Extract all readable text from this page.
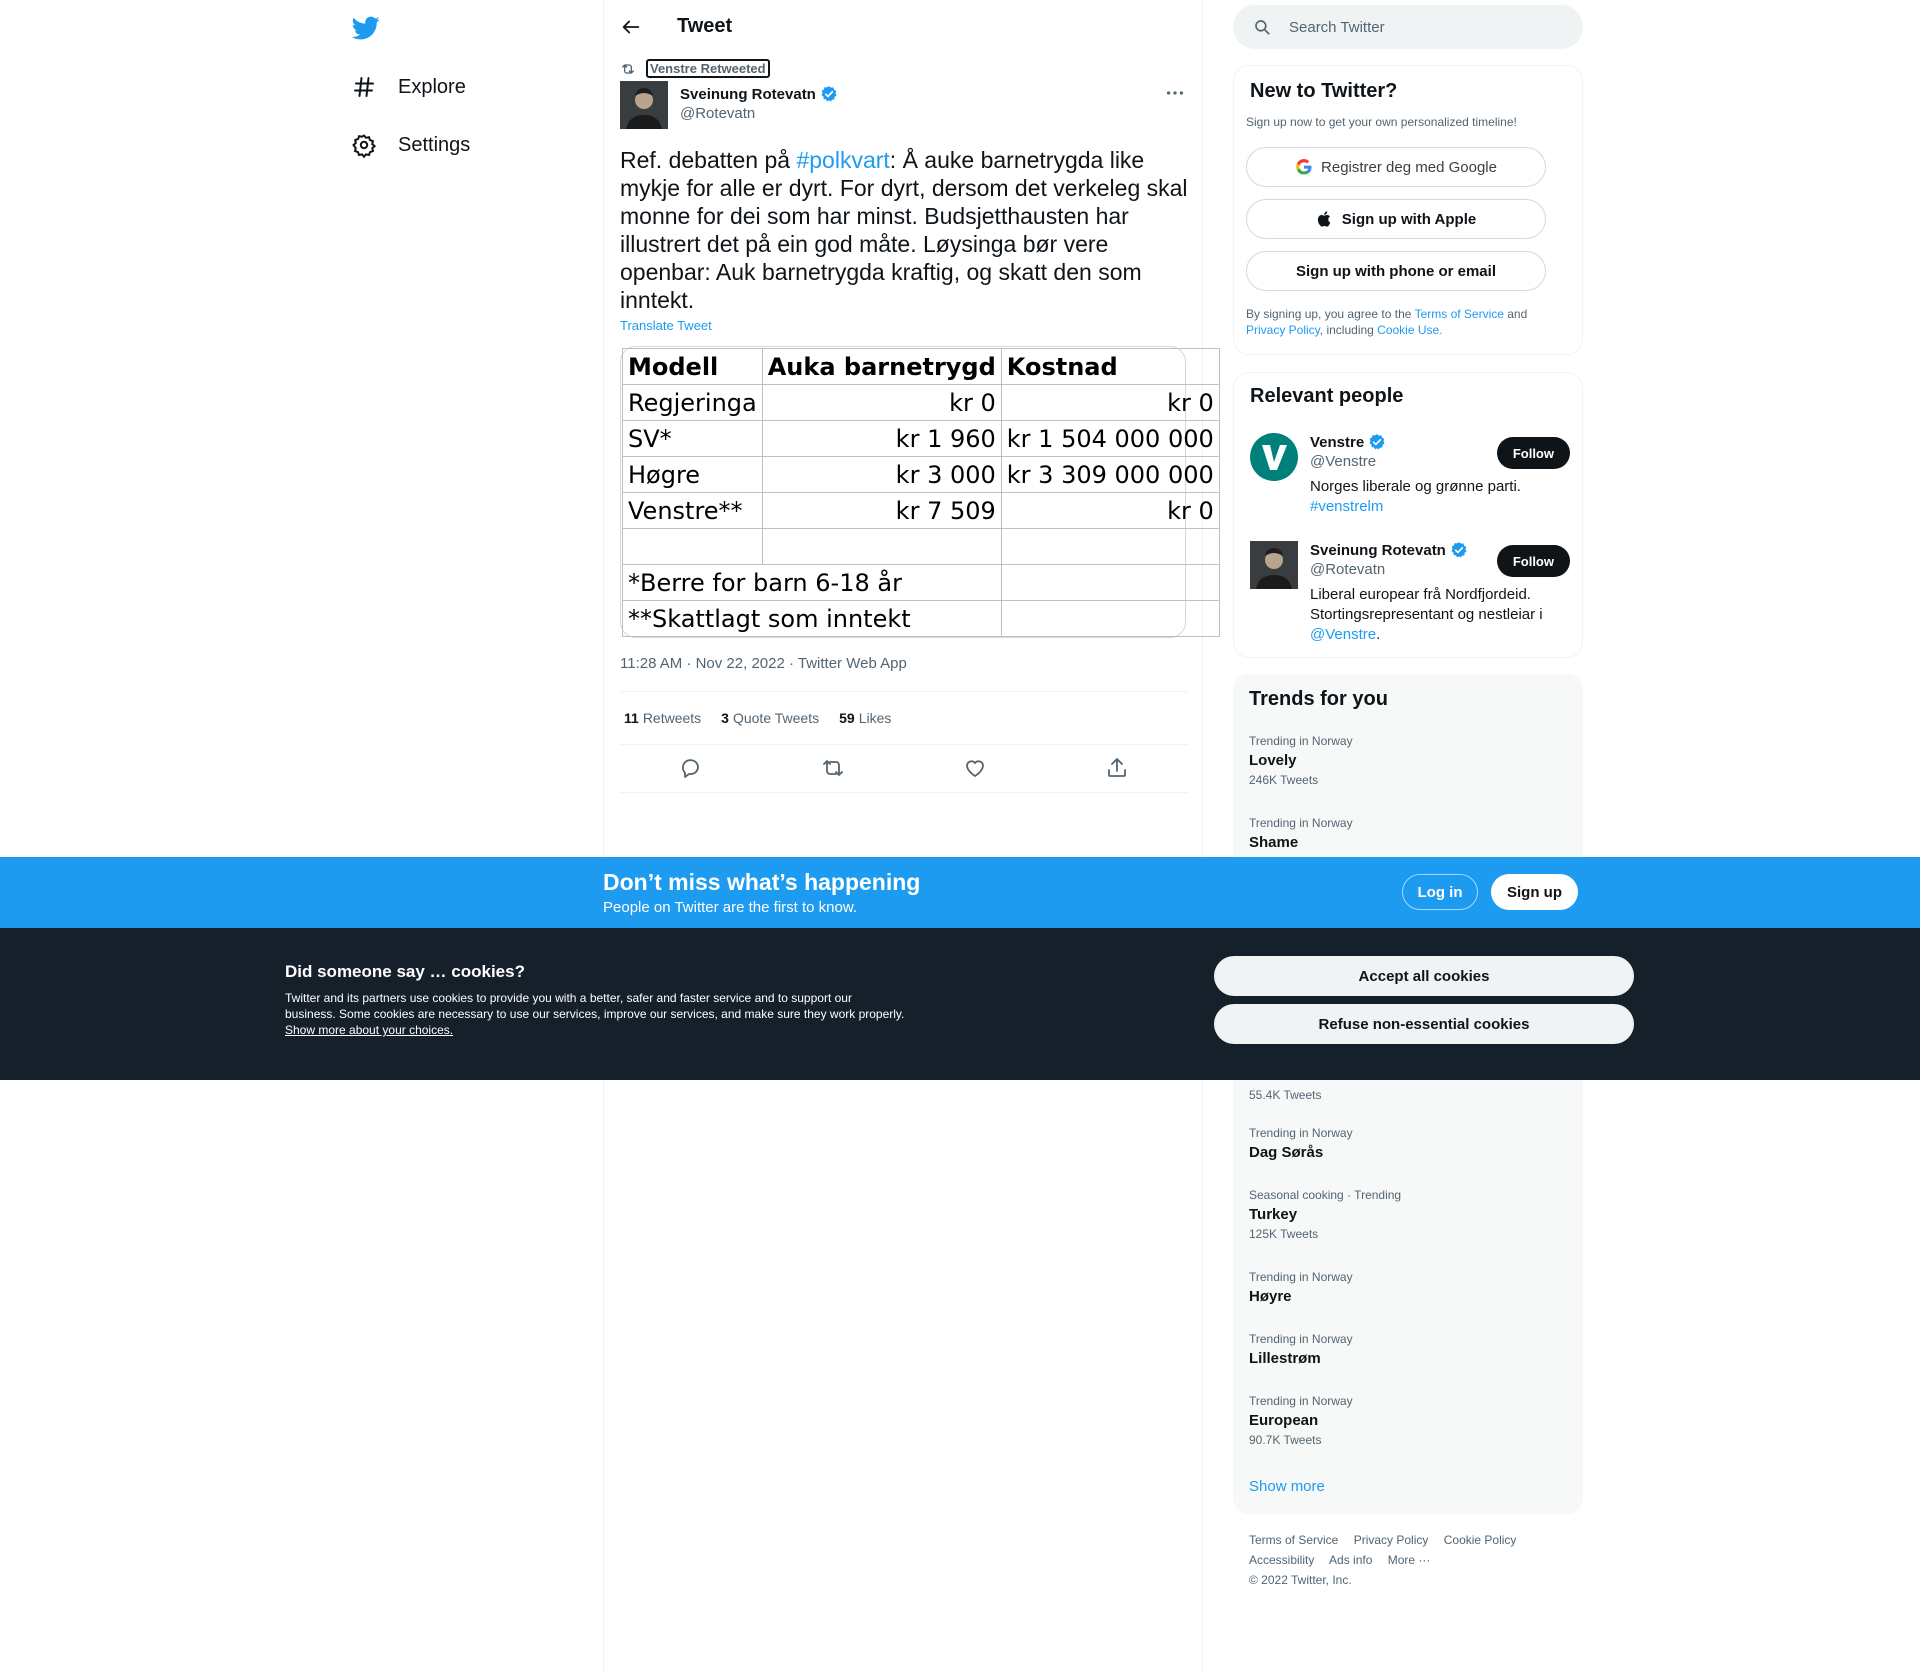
Explore
Settings
Tweet
Venstre Retweeted
Sveinung Rotevatn
@Rotevatn
Ref. debatten på #polkvart: Å auke barnetrygda like mykje for alle er dyrt. For dyrt, dersom det verkeleg skal monne for dei som har minst. Budsjetthausten har illustrert det på ein god måte. Løysinga bør vere openbar: Auk barnetrygda kraftig, og skatt den som inntekt.
Translate Tweet
Modell	Auka barnetrygd	Kostnad
Regjeringa	kr 0	kr 0
SV*	kr 1 960	kr 1 504 000 000
Høgre	kr 3 000	kr 3 309 000 000
Venstre**	kr 7 509	kr 0

*Berre for barn 6-18 år		
**Skattlagt som inntekt		
11:28 AM · Nov 22, 2022 · Twitter Web App
11 Retweets 3 Quote Tweets 59 Likes
Search Twitter
New to Twitter?
Sign up now to get your own personalized timeline!
Registrer deg med Google
Sign up with Apple
Sign up with phone or email
By signing up, you agree to the Terms of Service and Privacy Policy, including Cookie Use.
Relevant people
Venstre
@Venstre
Norges liberale og grønne parti.
#venstrelm
Follow
Sveinung Rotevatn
@Rotevatn
Liberal europear frå Nordfjordeid. Stortingsrepresentant og nestleiar i @Venstre.
Follow
Trends for you
Trending in Norway
Lovely
246K Tweets
Trending in Norway
Shame
55.4K Tweets
Trending in Norway
Dag Sørås
Seasonal cooking · Trending
Turkey
125K Tweets
Trending in Norway
Høyre
Trending in Norway
Lillestrøm
Trending in Norway
European
90.7K Tweets
Show more
Terms of Service Privacy Policy Cookie Policy
Accessibility Ads info More ···
© 2022 Twitter, Inc.
Don’t miss what’s happening
People on Twitter are the first to know.
Log in	Sign up
Did someone say … cookies?
Twitter and its partners use cookies to provide you with a better, safer and faster service and to support our business. Some cookies are necessary to use our services, improve our services, and make sure they work properly. Show more about your choices.
Accept all cookies
Refuse non-essential cookies
